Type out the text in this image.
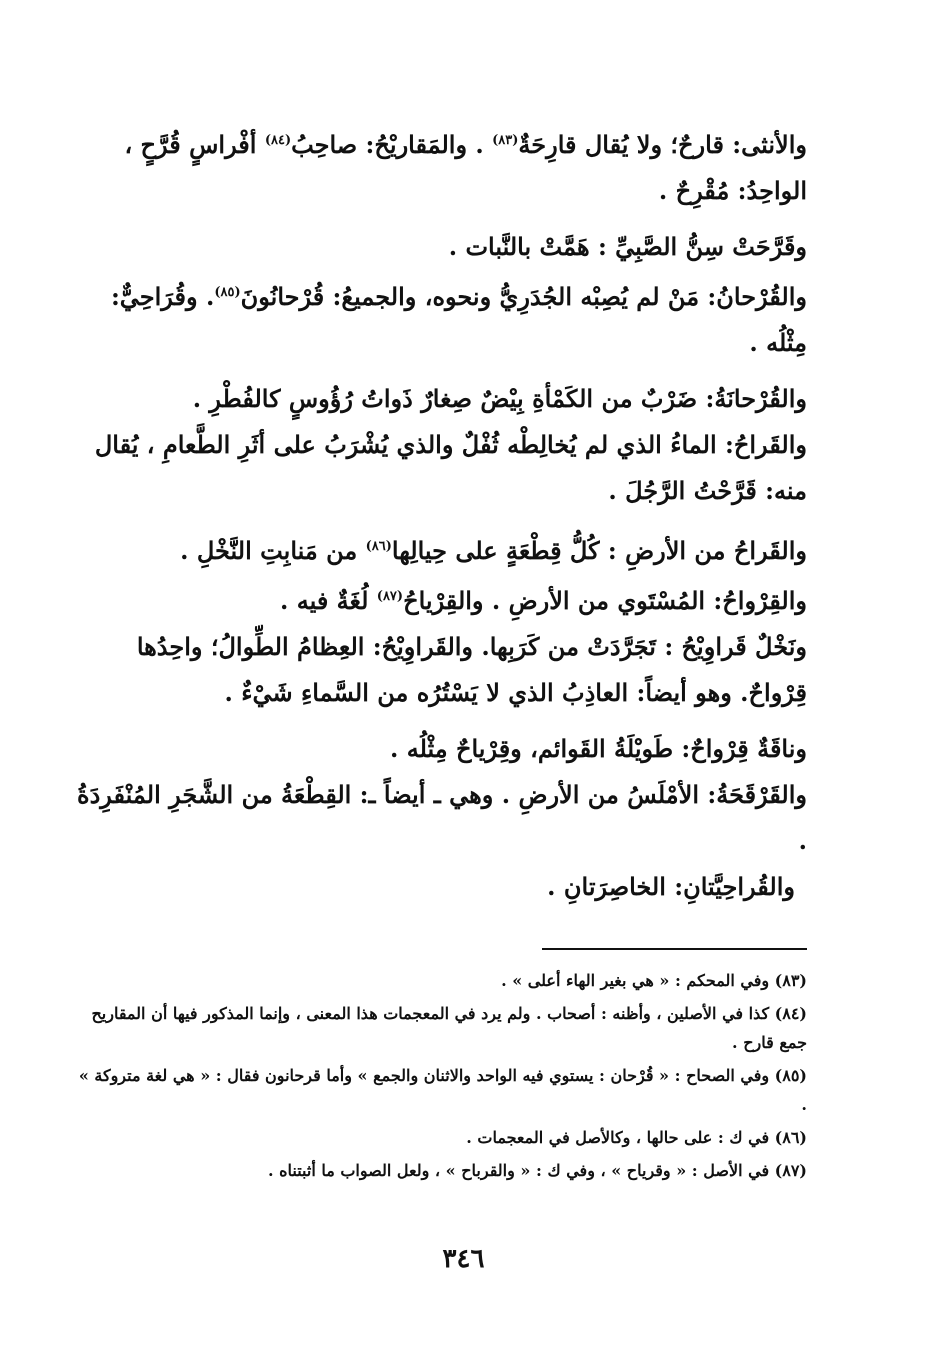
والأنثى: قارحٌ؛ ولا يُقال قارِحَةٌ$^{(٨٣)}$ . والمَقاريْحُ: صاحِبُ$^{(٨٤)}$ أفْراسٍ قُرَّحٍ ، الواحِدُ: مُقْرِحٌ .

وقَرَّحَتْ سِنُّ الصَّبِيِّ : هَمَّتْ بالنَّبات .

والقُرْحانُ: مَنْ لم يُصِبْه الجُدَرِيُّ ونحوه، والجميعُ: قُرْحانُونَ$^{(٨٥)}$. وقُرَاحِيٌّ: مِثْلُه .

والقُرْحانَةُ: ضَرْبٌ من الكَمْأةِ بِيْضٌ صِغارٌ ذَواتُ رُؤُوسٍ كالفُطْرِ .

والقَراحُ: الماءُ الذي لم يُخالِطْه ثُفْلٌ والذي يُشْرَبُ على أثَرِ الطَّعامِ ، يُقال منه: قَرَّحْتُ الرَّجُلَ .

والقَراحُ من الأرضِ : كُلُّ قِطْعَةٍ على حِيالِها$^{(٨٦)}$ من مَنابِتِ النَّخْلِ .

والقِرْواحُ: المُسْتَوي من الأرضِ . والقِرْياحُ$^{(٨٧)}$ لُغَةٌ فيه .

ونَخْلٌ قَراوِيْحُ : تَجَرَّدَتْ من كَرَبِها. والقَراوِيْحُ: العِظامُ الطِّوالُ؛ واحِدُها قِرْواحٌ. وهو أيضاً: العاذِبُ الذي لا يَسْتُرُه من السَّماءِ شَيْءٌ .

وناقَةٌ قِرْواحٌ: طَويْلَةُ القَوائم، وقِرْياحٌ مِثْلُه .

والقَرْقَحَةُ: الأمْلَسُ من الأرضِ . وهي ـ أيضاً ـ: القِطْعَةُ من الشَّجَرِ المُنْفَرِدَةُ .

والقُراحِيَّتانِ: الخاصِرَتانِ .

(٨٣) وفي المحكم : « هي بغير الهاء أعلى » .

(٨٤) كذا في الأصلين ، وأظنه : أصحاب . ولم يرد في المعجمات هذا المعنى ، وإنما المذكور فيها أن المقاريح جمع قارح .

(٨٥) وفي الصحاح : « قُرْحان : يستوي فيه الواحد والاثنان والجمع » وأما قرحانون فقال : « هي لغة متروكة » .

(٨٦) في ك : على حالها ، وكالأصل في المعجمات .

(٨٧) في الأصل : « وقرياح » ، وفي ك : « والقرباح » ، ولعل الصواب ما أثبتناه .

٣٤٦
